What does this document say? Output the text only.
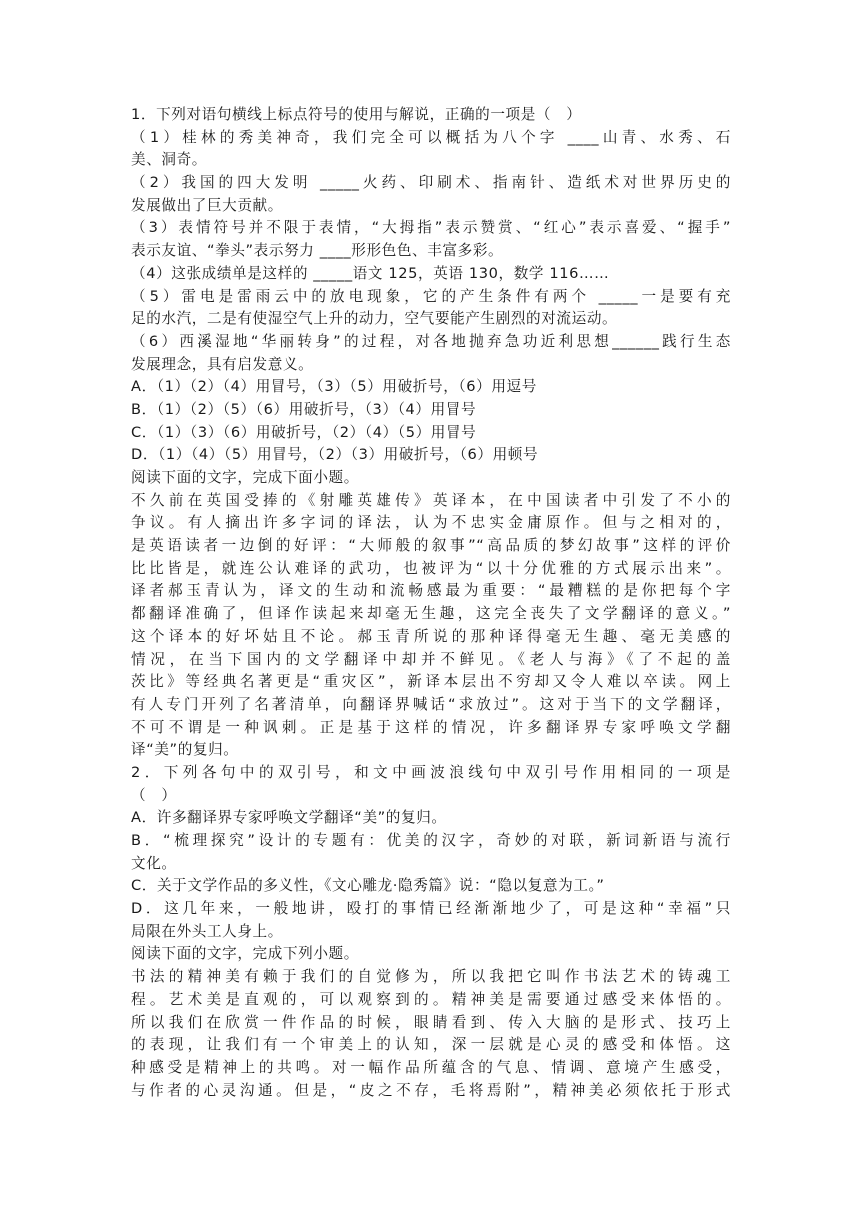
1．下列对语句横线上标点符号的使用与解说，正确的一项是（　）
（1）桂林的秀美神奇，我们完全可以概括为八个字 ____山青、水秀、石
美、洞奇。
（2）我国的四大发明 _____火药、印刷术、指南针、造纸术对世界历史的
发展做出了巨大贡献。
（3）表情符号并不限于表情，“大拇指”表示赞赏、“红心”表示喜爱、“握手”
表示友谊、“拳头”表示努力 ____形形色色、丰富多彩。
（4）这张成绩单是这样的 _____语文 125，英语 130，数学 116……
（5）雷电是雷雨云中的放电现象，它的产生条件有两个 _____一是要有充
足的水汽，二是有使湿空气上升的动力，空气要能产生剧烈的对流运动。
（6）西溪湿地“华丽转身”的过程，对各地抛弃急功近利思想______践行生态
发展理念，具有启发意义。
A．（1）（2）（4）用冒号，（3）（5）用破折号，（6）用逗号
B．（1）（2）（5）（6）用破折号，（3）（4）用冒号
C．（1）（3）（6）用破折号，（2）（4）（5）用冒号
D．（1）（4）（5）用冒号，（2）（3）用破折号，（6）用顿号
阅读下面的文字，完成下面小题。
不久前在英国受捧的《射雕英雄传》英译本，在中国读者中引发了不小的
争议。有人摘出许多字词的译法，认为不忠实金庸原作。但与之相对的，
是英语读者一边倒的好评：“大师般的叙事”“高品质的梦幻故事”这样的评价
比比皆是，就连公认难译的武功，也被评为“以十分优雅的方式展示出来”。
译者郝玉青认为，译文的生动和流畅感最为重要：“最糟糕的是你把每个字
都翻译准确了，但译作读起来却毫无生趣，这完全丧失了文学翻译的意义。”
这个译本的好坏姑且不论。郝玉青所说的那种译得毫无生趣、毫无美感的
情况，在当下国内的文学翻译中却并不鲜见。《老人与海》《了不起的盖
茨比》等经典名著更是“重灾区”，新译本层出不穷却又令人难以卒读。网上
有人专门开列了名著清单，向翻译界喊话“求放过”。这对于当下的文学翻译，
不可不谓是一种讽刺。正是基于这样的情况，许多翻译界专家呼唤文学翻
译“美”的复归。
2．下列各句中的双引号，和文中画波浪线句中双引号作用相同的一项是
（　）
A．许多翻译界专家呼唤文学翻译“美”的复归。
B．“梳理探究”设计的专题有：优美的汉字，奇妙的对联，新词新语与流行
文化。
C．关于文学作品的多义性，《文心雕龙·隐秀篇》说：“隐以复意为工。”
D．这几年来，一般地讲，殴打的事情已经渐渐地少了，可是这种“幸福”只
局限在外头工人身上。
阅读下面的文字，完成下列小题。
书法的精神美有赖于我们的自觉修为，所以我把它叫作书法艺术的铸魂工
程。艺术美是直观的，可以观察到的。精神美是需要通过感受来体悟的。
所以我们在欣赏一件作品的时候，眼睛看到、传入大脑的是形式、技巧上
的表现，让我们有一个审美上的认知，深一层就是心灵的感受和体悟。这
种感受是精神上的共鸣。对一幅作品所蕴含的气息、情调、意境产生感受，
与作者的心灵沟通。但是，“皮之不存，毛将焉附”，精神美必须依托于形式
